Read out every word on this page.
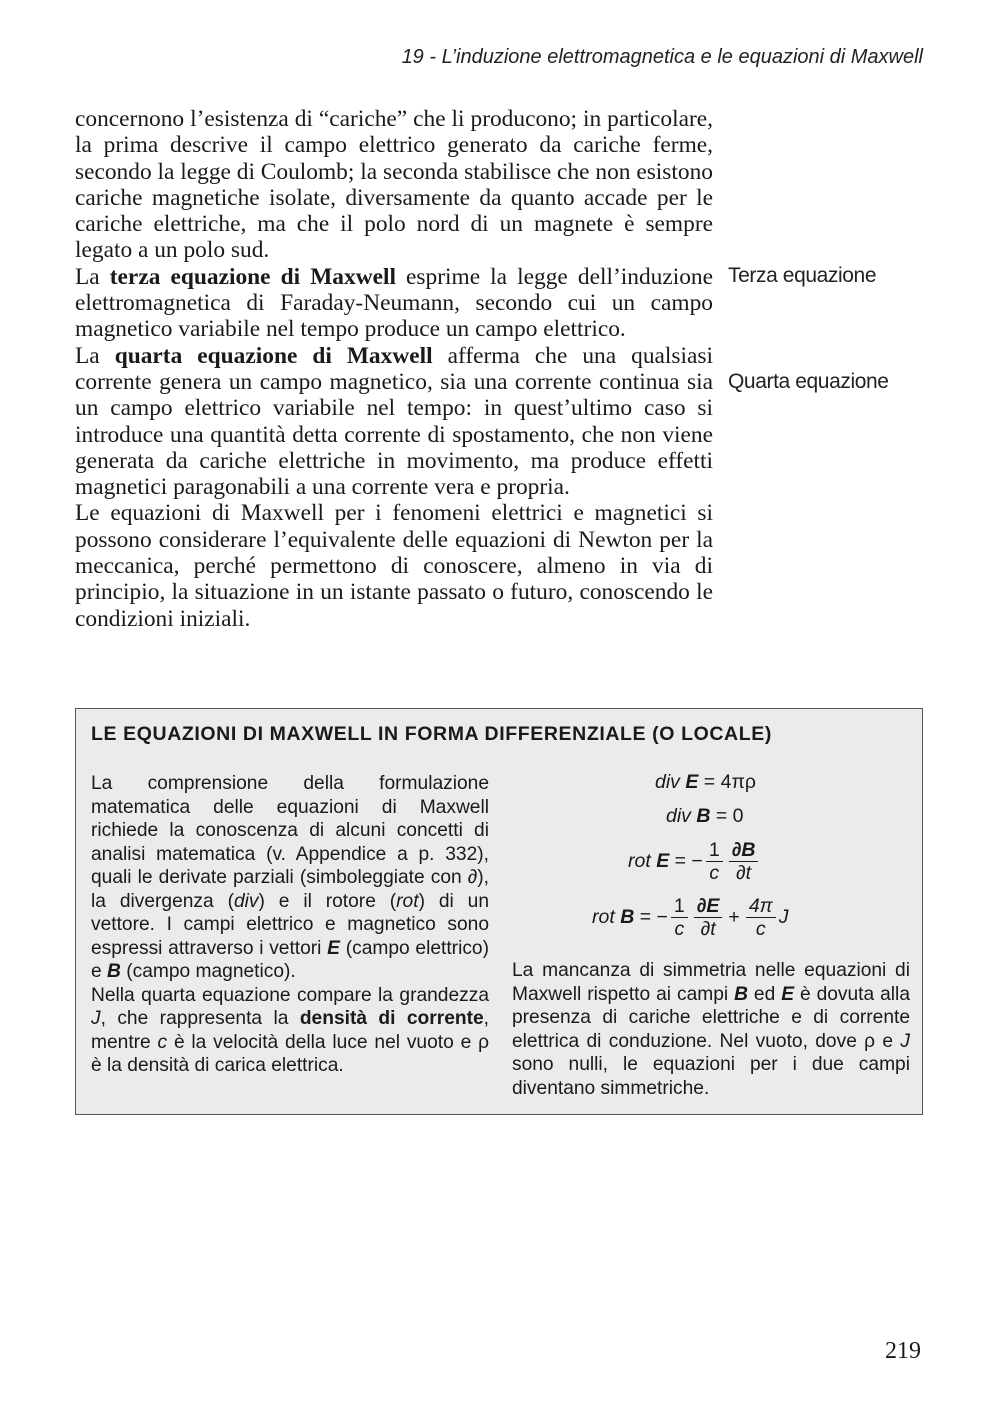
19 - L’induzione elettromagnetica e le equazioni di Maxwell

concernono l’esistenza di “cariche” che li producono; in particolare, la prima descrive il campo elettrico generato da cariche ferme, secondo la legge di Coulomb; la seconda stabilisce che non esistono cariche magnetiche isolate, diversamente da quanto accade per le cariche elettriche, ma che il polo nord di un magnete è sempre legato a un polo sud.

La terza equazione di Maxwell esprime la legge dell’induzione elettromagnetica di Faraday-Neumann, secondo cui un campo magnetico variabile nel tempo produce un campo elettrico.

La quarta equazione di Maxwell afferma che una qualsiasi corrente genera un campo magnetico, sia una corrente continua sia un campo elettrico variabile nel tempo: in quest’ultimo caso si introduce una quantità detta corrente di spostamento, che non viene generata da cariche elettriche in movimento, ma produce effetti magnetici paragonabili a una corrente vera e propria.

Le equazioni di Maxwell per i fenomeni elettrici e magnetici si possono considerare l’equivalente delle equazioni di Newton per la meccanica, perché permettono di conoscere, almeno in via di principio, la situazione in un istante passato o futuro, conoscendo le condizioni iniziali.

Terza equazione

Quarta equazione

LE EQUAZIONI DI MAXWELL IN FORMA DIFFERENZIALE (O LOCALE)

La comprensione della formulazione matematica delle equazioni di Maxwell richiede la conoscenza di alcuni concetti di analisi matematica (v. Appendice a p. 332), quali le derivate parziali (simboleggiate con ∂), la divergenza (div) e il rotore (rot) di un vettore. I campi elettrico e magnetico sono espressi attraverso i vettori E (campo elettrico) e B (campo magnetico).

Nella quarta equazione compare la grandezza J, che rappresenta la densità di corrente, mentre c è la velocità della luce nel vuoto e ρ è la densità di carica elettrica.

div
E
= 4πρ
div
B
= 0
rot
E
= − $\frac{1}{c} \frac{\partial B}{\partial t}$
rot
B
= − $\frac{1}{c} \frac{\partial E}{\partial t} + \frac{4\pi}{c}$ J

La mancanza di simmetria nelle equazioni di Maxwell rispetto ai campi B ed E è dovuta alla presenza di cariche elettriche e di corrente elettrica di conduzione. Nel vuoto, dove ρ e J sono nulli, le equazioni per i due campi diventano simmetriche.

219
